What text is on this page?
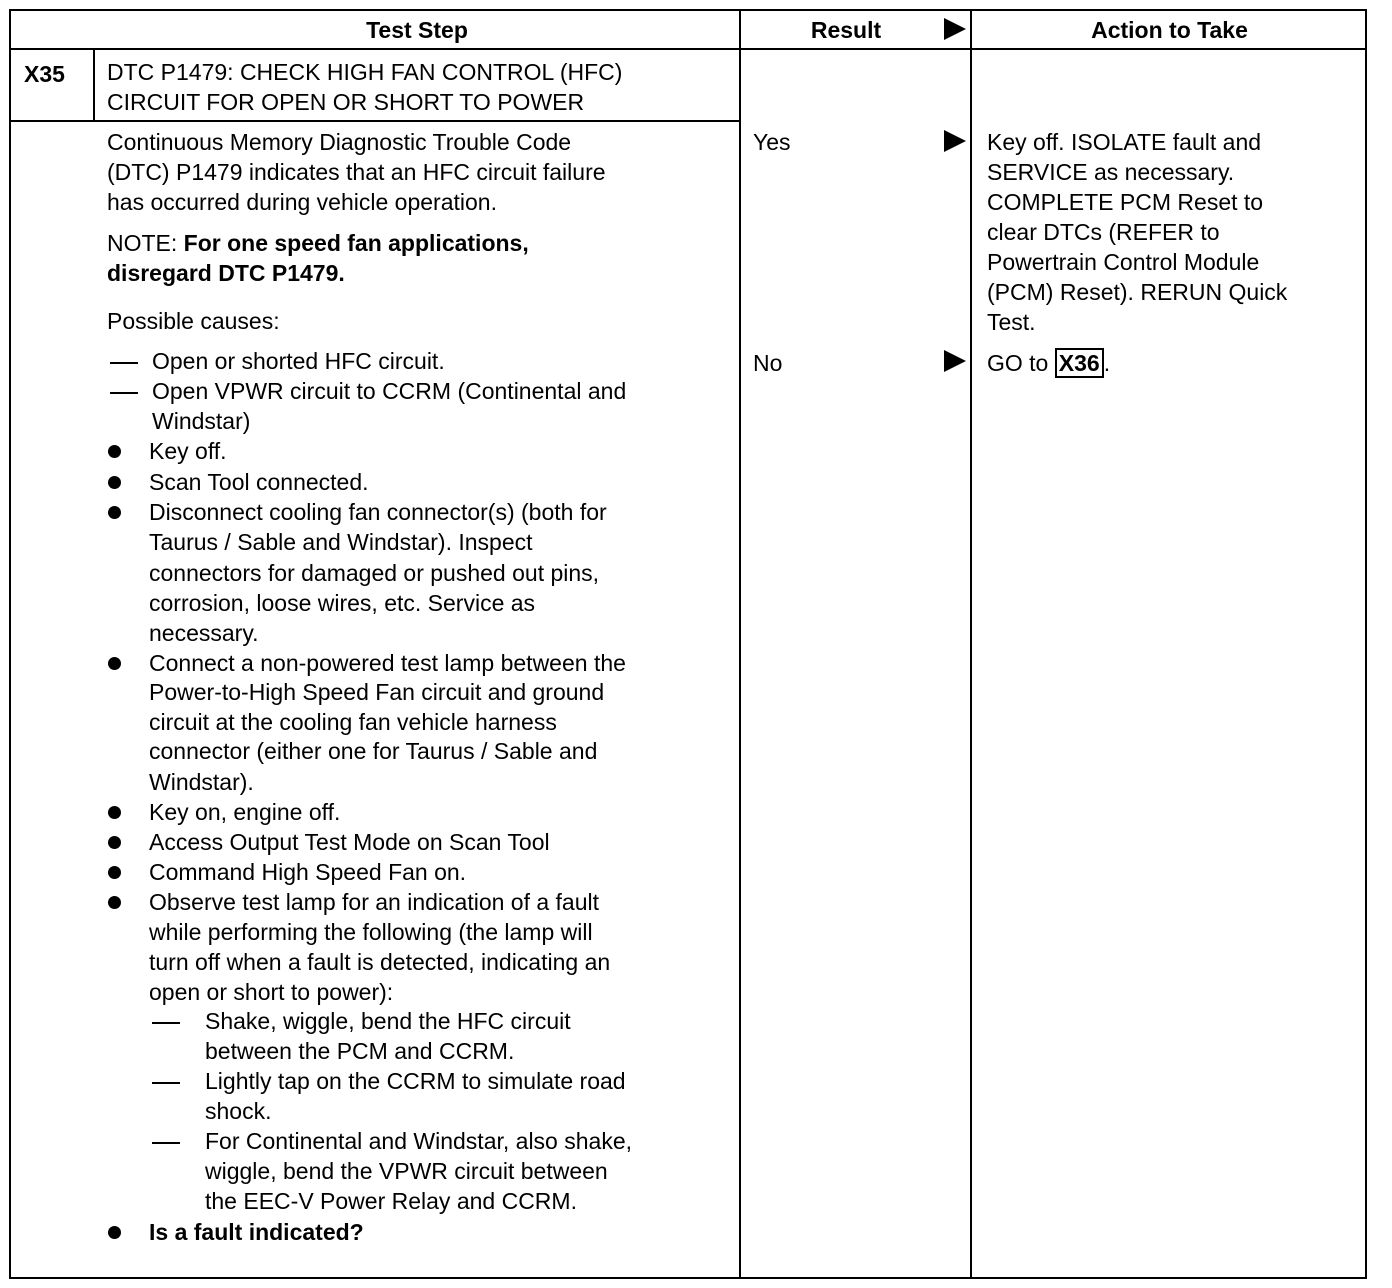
Test Step	Result	Action to Take
X35 DTC P1479: CHECK HIGH FAN CONTROL (HFC)
CIRCUIT FOR OPEN OR SHORT TO POWER
Continuous Memory Diagnostic Trouble Code
(DTC) P1479 indicates that an HFC circuit failure
has occurred during vehicle operation.
NOTE: For one speed fan applications,
disregard DTC P1479.
Possible causes:
Open or shorted HFC circuit.
Open VPWR circuit to CCRM (Continental and
Windstar)
Key off.
Scan Tool connected.
Disconnect cooling fan connector(s) (both for
Taurus / Sable and Windstar). Inspect
connectors for damaged or pushed out pins,
corrosion, loose wires, etc. Service as
necessary.
Connect a non-powered test lamp between the
Power-to-High Speed Fan circuit and ground
circuit at the cooling fan vehicle harness
connector (either one for Taurus / Sable and
Windstar).
Key on, engine off.
Access Output Test Mode on Scan Tool
Command High Speed Fan on.
Observe test lamp for an indication of a fault
while performing the following (the lamp will
turn off when a fault is detected, indicating an
open or short to power):
Shake, wiggle, bend the HFC circuit
between the PCM and CCRM.
Lightly tap on the CCRM to simulate road
shock.
For Continental and Windstar, also shake,
wiggle, bend the VPWR circuit between
the EEC-V Power Relay and CCRM.
Is a fault indicated?
Yes
No
Key off. ISOLATE fault and
SERVICE as necessary.
COMPLETE PCM Reset to
clear DTCs (REFER to
Powertrain Control Module
(PCM) Reset). RERUN Quick
Test.
GO to X36 .
